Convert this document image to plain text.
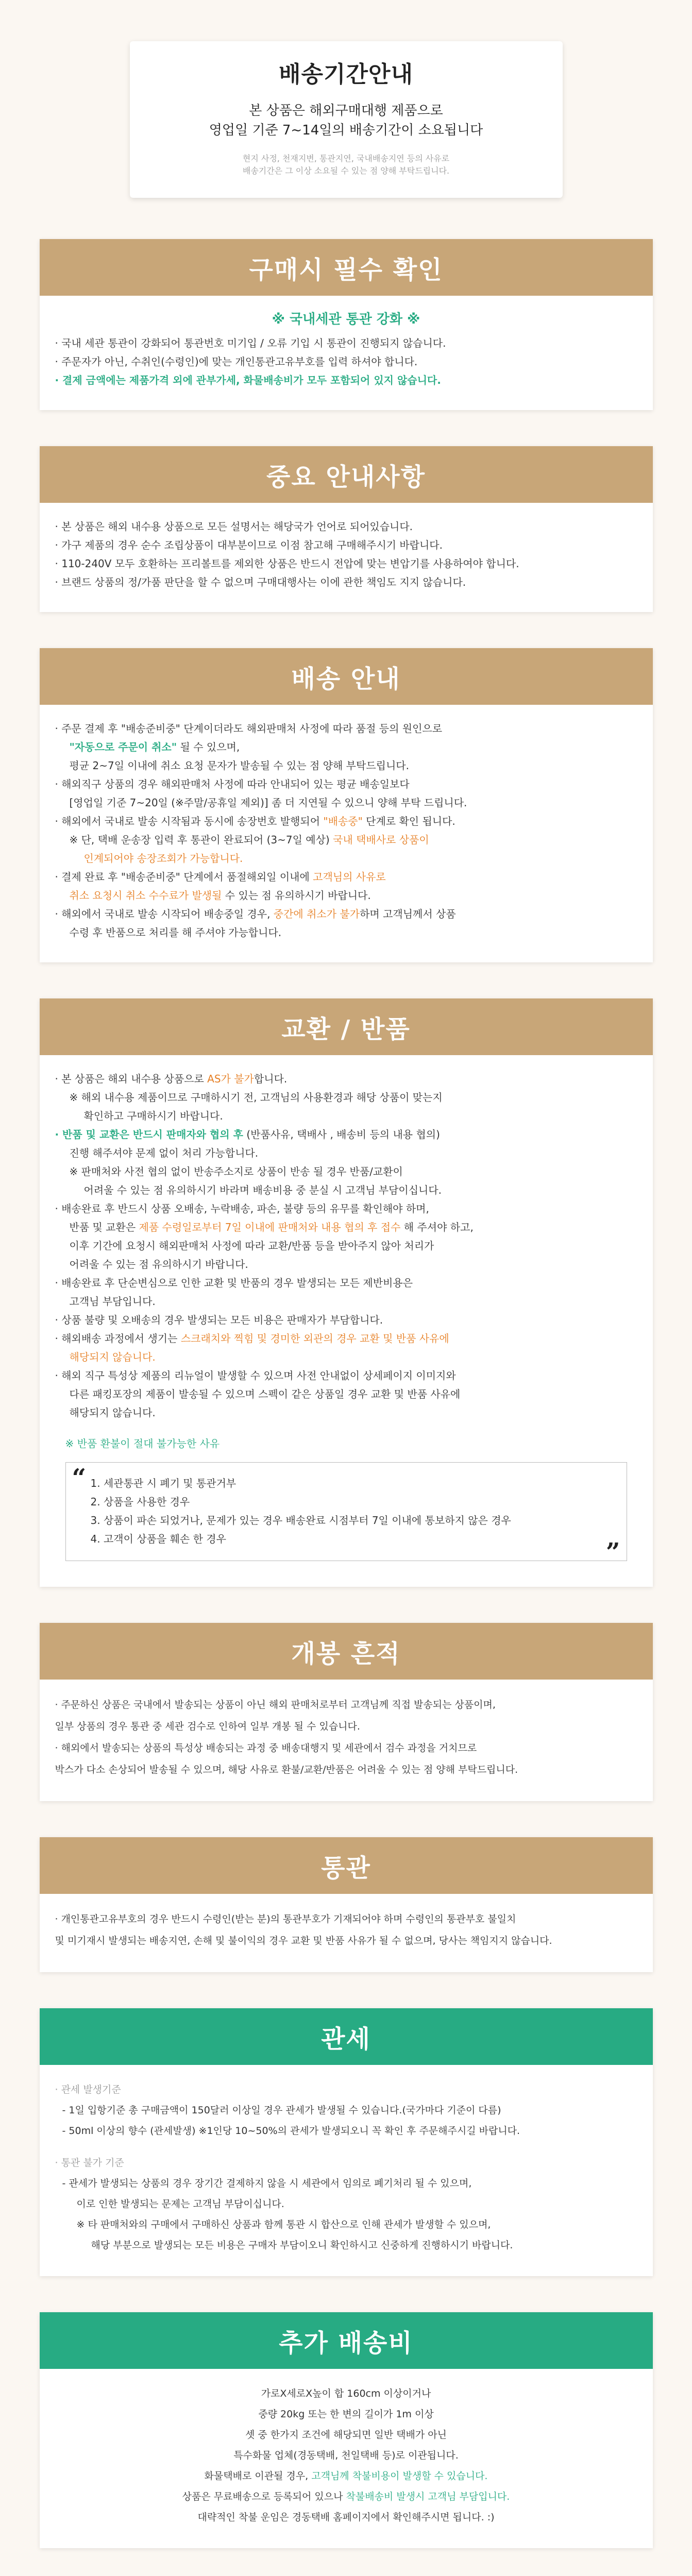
배송기간안내

본 상품은 해외구매대행 제품으로

영업일 기준 7~14일의 배송기간이 소요됩니다

현지 사정, 천재지변, 통관지연, 국내배송지연 등의 사유로
배송기간은 그 이상 소요될 수 있는 점 양해 부탁드립니다.

구매시 필수 확인

※ 국내세관 통관 강화 ※

· 국내 세관 통관이 강화되어 통관번호 미기입 / 오류 기입 시 통관이 진행되지 않습니다.

· 주문자가 아닌, 수취인(수령인)에 맞는 개인통관고유부호를 입력 하셔야 합니다.

· 결제 금액에는 제품가격 외에 관부가세, 화물배송비가 모두 포함되어 있지 않습니다.

중요 안내사항

· 본 상품은 해외 내수용 상품으로 모든 설명서는 해당국가 언어로 되어있습니다.

· 가구 제품의 경우 순수 조립상품이 대부분이므로 이점 참고해 구매해주시기 바랍니다.

· 110-240V 모두 호환하는 프리볼트를 제외한 상품은 반드시 전압에 맞는 변압기를 사용하여야 합니다.

· 브랜드 상품의 정/가품 판단을 할 수 없으며 구매대행사는 이에 관한 책임도 지지 않습니다.

배송 안내

· 주문 결제 후 "배송준비중" 단계이더라도 해외판매처 사정에 따라 품절 등의 원인으로

"자동으로 주문이 취소" 될 수 있으며,

평균 2~7일 이내에 취소 요청 문자가 발송될 수 있는 점 양해 부탁드립니다.

· 해외직구 상품의 경우 해외판매처 사정에 따라 안내되어 있는 평균 배송일보다

[영업일 기준 7~20일 (※주말/공휴일 제외)] 좀 더 지연될 수 있으니 양해 부탁 드립니다.

· 해외에서 국내로 발송 시작됨과 동시에 송장번호 발행되어 "배송중" 단계로 확인 됩니다.

※ 단, 택배 운송장 입력 후 통관이 완료되어 (3~7일 예상) 국내 택배사로 상품이

인계되어야 송장조회가 가능합니다.

· 결제 완료 후 "배송준비중" 단계에서 품절해외일 이내에 고객님의 사유로

취소 요청시 취소 수수료가 발생될 수 있는 점 유의하시기 바랍니다.

· 해외에서 국내로 발송 시작되어 배송중일 경우, 중간에 취소가 불가하며 고객님께서 상품

수령 후 반품으로 처리를 해 주셔야 가능합니다.

교환 / 반품

· 본 상품은 해외 내수용 상품으로 AS가 불가합니다.

※ 해외 내수용 제품이므로 구매하시기 전, 고객님의 사용환경과 해당 상품이 맞는지

확인하고 구매하시기 바랍니다.

· 반품 및 교환은 반드시 판매자와 협의 후 (반품사유, 택배사 , 배송비 등의 내용 협의)

진행 해주셔야 문제 없이 처리 가능합니다.

※ 판매처와 사전 협의 없이 반송주소지로 상품이 반송 될 경우 반품/교환이

어려울 수 있는 점 유의하시기 바라며 배송비용 중 분실 시 고객님 부담이십니다.

· 배송완료 후 반드시 상품 오배송, 누락배송, 파손, 불량 등의 유무를 확인해야 하며,

반품 및 교환은 제품 수령일로부터 7일 이내에 판매처와 내용 협의 후 접수 해 주셔야 하고,

이후 기간에 요청시 해외판매처 사정에 따라 교환/반품 등을 받아주지 않아 처리가

어려울 수 있는 점 유의하시기 바랍니다.

· 배송완료 후 단순변심으로 인한 교환 및 반품의 경우 발생되는 모든 제반비용은

고객님 부담입니다.

· 상품 불량 및 오배송의 경우 발생되는 모든 비용은 판매자가 부담합니다.

· 해외배송 과정에서 생기는 스크래치와 찍힘 및 경미한 외관의 경우 교환 및 반품 사유에

해당되지 않습니다.

· 해외 직구 특성상 제품의 리뉴얼이 발생할 수 있으며 사전 안내없이 상세페이지 이미지와

다른 패킹포장의 제품이 발송될 수 있으며 스펙이 같은 상품일 경우 교환 및 반품 사유에

해당되지 않습니다.

※ 반품 환불이 절대 불가능한 사유

“ 1. 세관통관 시 폐기 및 통관거부

2. 상품을 사용한 경우

3. 상품이 파손 되었거나, 문제가 있는 경우 배송완료 시점부터 7일 이내에 통보하지 않은 경우

4. 고객이 상품을 훼손 한 경우	”
개봉 흔적

· 주문하신 상품은 국내에서 발송되는 상품이 아닌 해외 판매처로부터 고객님께 직접 발송되는 상품이며,

일부 상품의 경우 통관 중 세관 검수로 인하여 일부 개봉 될 수 있습니다.

· 해외에서 발송되는 상품의 특성상 배송되는 과정 중 배송대행지 및 세관에서 검수 과정을 거치므로

박스가 다소 손상되어 발송될 수 있으며, 해당 사유로 환불/교환/반품은 어려울 수 있는 점 양해 부탁드립니다.

통관

· 개인통관고유부호의 경우 반드시 수령인(받는 분)의 통관부호가 기재되어야 하며 수령인의 통관부호 불일치

및 미기재시 발생되는 배송지연, 손해 및 불이익의 경우 교환 및 반품 사유가 될 수 없으며, 당사는 책임지지 않습니다.

관세

· 관세 발생기준

- 1일 입항기준 총 구매금액이 150달러 이상일 경우 관세가 발생될 수 있습니다.(국가마다 기준이 다름)

- 50ml 이상의 향수 (관세발생) ※1인당 10~50%의 관세가 발생되오니 꼭 확인 후 주문해주시길 바랍니다.

· 통관 불가 기준

- 관세가 발생되는 상품의 경우 장기간 결제하지 않을 시 세관에서 임의로 폐기처리 될 수 있으며,

이로 인한 발생되는 문제는 고객님 부담이십니다.

※ 타 판매처와의 구매에서 구매하신 상품과 함께 통관 시 합산으로 인해 관세가 발생할 수 있으며,

해당 부분으로 발생되는 모든 비용은 구매자 부담이오니 확인하시고 신중하게 진행하시기 바랍니다.

추가 배송비

가로X세로X높이 합 160cm 이상이거나

중량 20kg 또는 한 변의 길이가 1m 이상

셋 중 한가지 조건에 해당되면 일반 택배가 아닌

특수화물 업체(경동택배, 천일택배 등)로 이관됩니다.

화물택배로 이관될 경우, 고객님께 착불비용이 발생할 수 있습니다.

상품은 무료배송으로 등록되어 있으나 착불배송비 발생시 고객님 부담입니다.

대략적인 착불 운임은 경동택배 홈페이지에서 확인해주시면 됩니다. :)
